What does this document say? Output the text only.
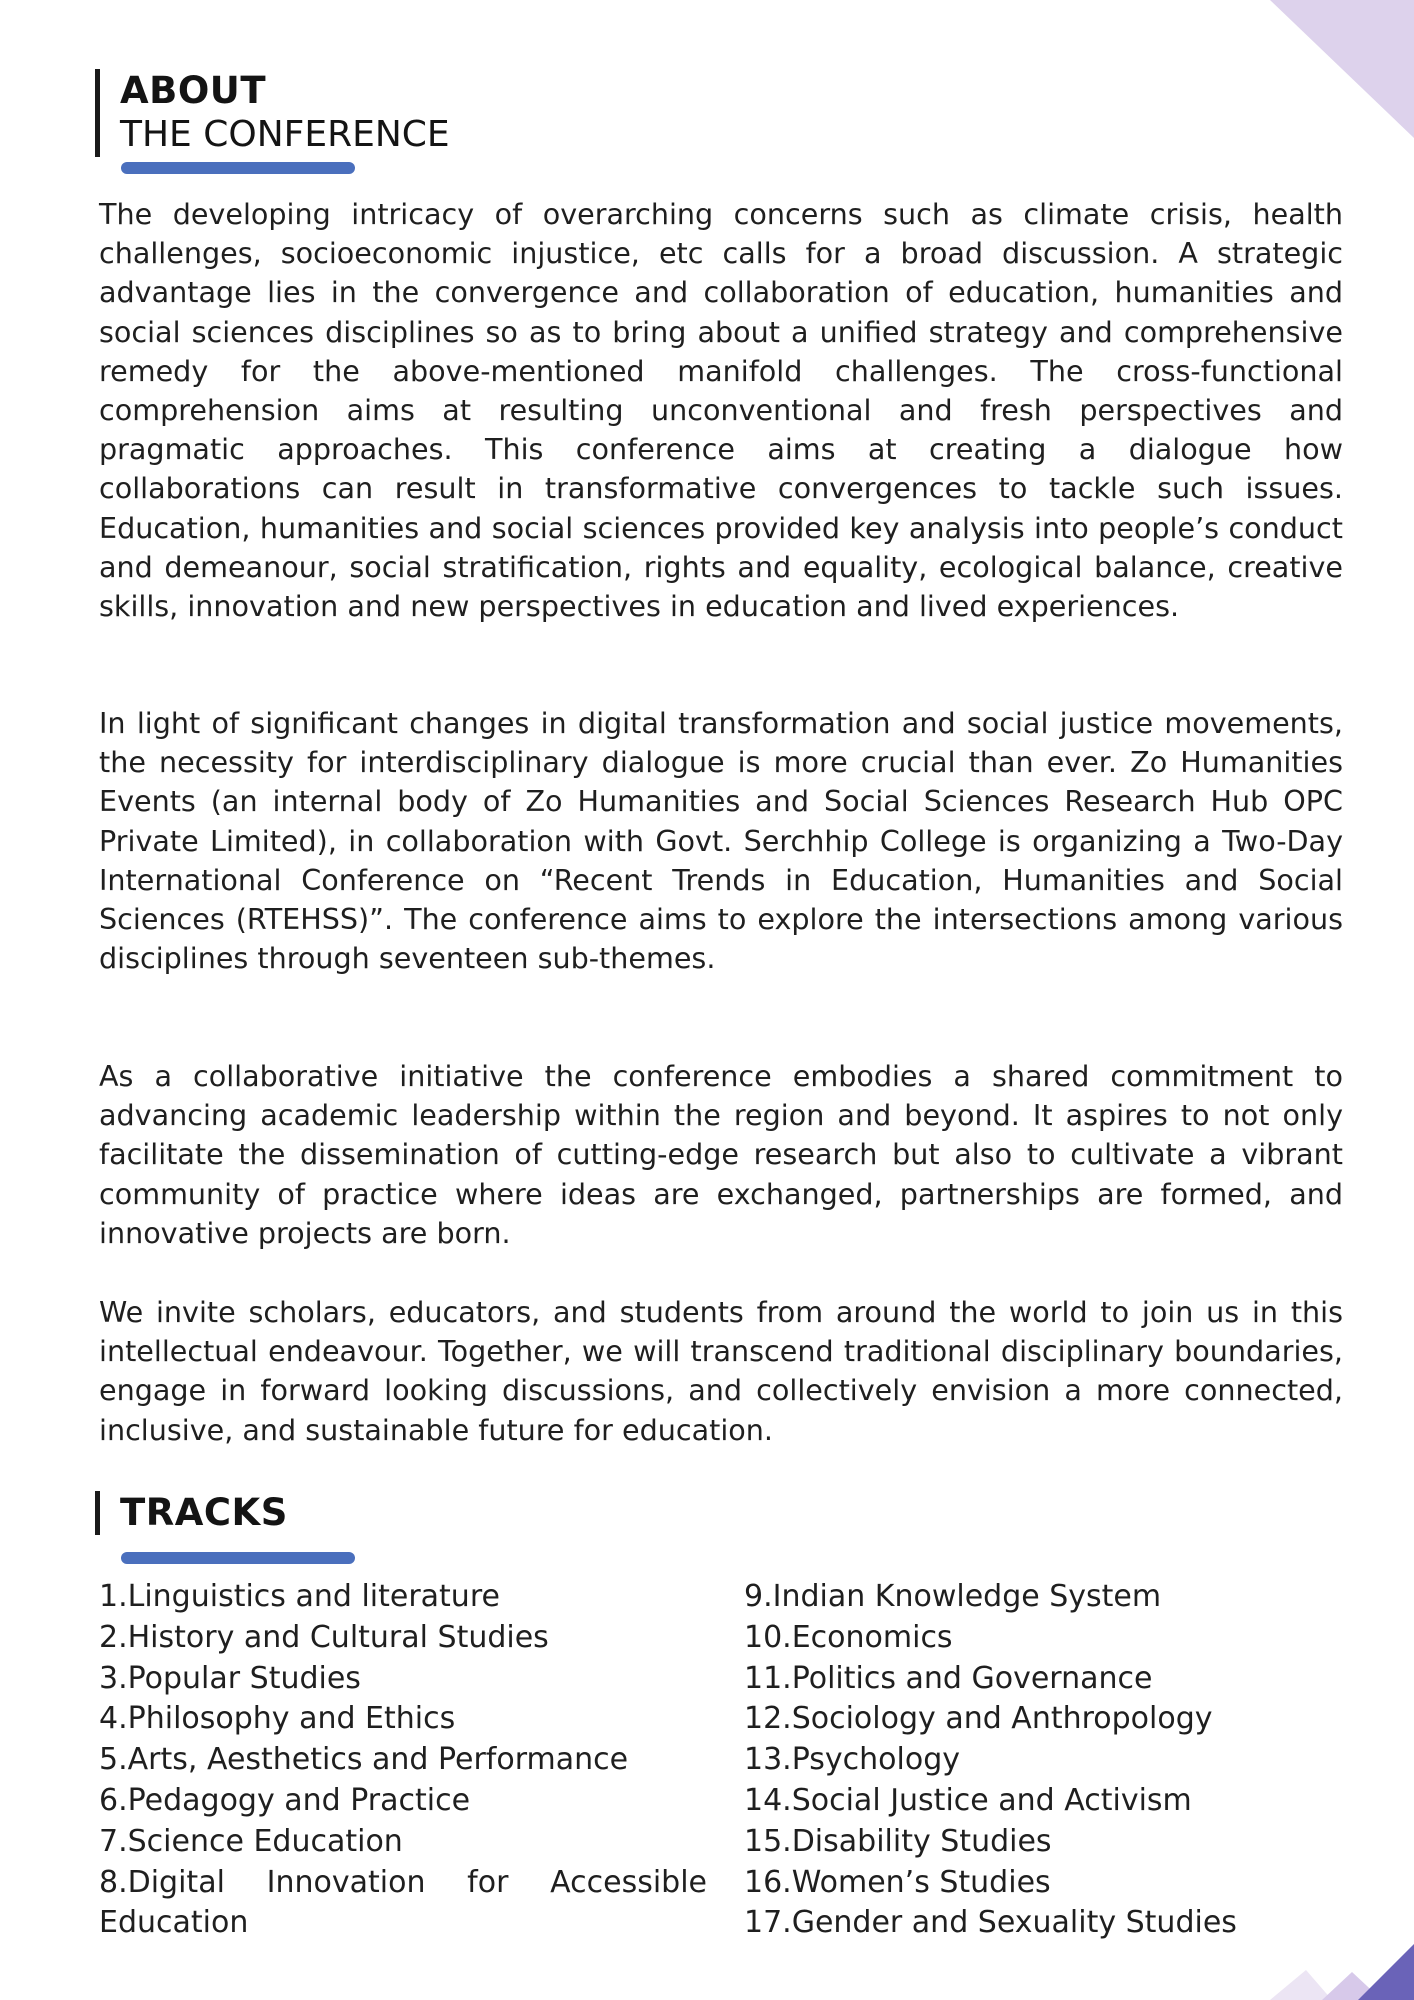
ABOUT
THE CONFERENCE

The developing intricacy of overarching concerns such as climate crisis, health challenges, socioeconomic injustice, etc calls for a broad discussion. A strategic advantage lies in the convergence and collaboration of education, humanities and social sciences disciplines so as to bring about a unified strategy and comprehensive remedy for the above-mentioned manifold challenges. The cross-functional comprehension aims at resulting unconventional and fresh perspectives and pragmatic approaches. This conference aims at creating a dialogue how collaborations can result in transformative convergences to tackle such issues. Education, humanities and social sciences provided key analysis into people’s conduct and demeanour, social stratification, rights and equality, ecological balance, creative skills, innovation and new perspectives in education and lived experiences.

In light of significant changes in digital transformation and social justice movements, the necessity for interdisciplinary dialogue is more crucial than ever. Zo Humanities Events (an internal body of Zo Humanities and Social Sciences Research Hub OPC Private Limited), in collaboration with Govt. Serchhip College is organizing a Two-Day International Conference on “Recent Trends in Education, Humanities and Social Sciences (RTEHSS)”. The conference aims to explore the intersections among various disciplines through seventeen sub-themes.

As a collaborative initiative the conference embodies a shared commitment to advancing academic leadership within the region and beyond. It aspires to not only facilitate the dissemination of cutting-edge research but also to cultivate a vibrant community of practice where ideas are exchanged, partnerships are formed, and innovative projects are born.

We invite scholars, educators, and students from around the world to join us in this intellectual endeavour. Together, we will transcend traditional disciplinary boundaries, engage in forward looking discussions, and collectively envision a more connected, inclusive, and sustainable future for education.

TRACKS
1.Linguistics and literature
2.History and Cultural Studies
3.Popular Studies
4.Philosophy and Ethics
5.Arts, Aesthetics and Performance
6.Pedagogy and Practice
7.Science Education
8.Digital Innovation for Accessible
Education
9.Indian Knowledge System
10.Economics
11.Politics and Governance
12.Sociology and Anthropology
13.Psychology
14.Social Justice and Activism
15.Disability Studies
16.Women’s Studies
17.Gender and Sexuality Studies
